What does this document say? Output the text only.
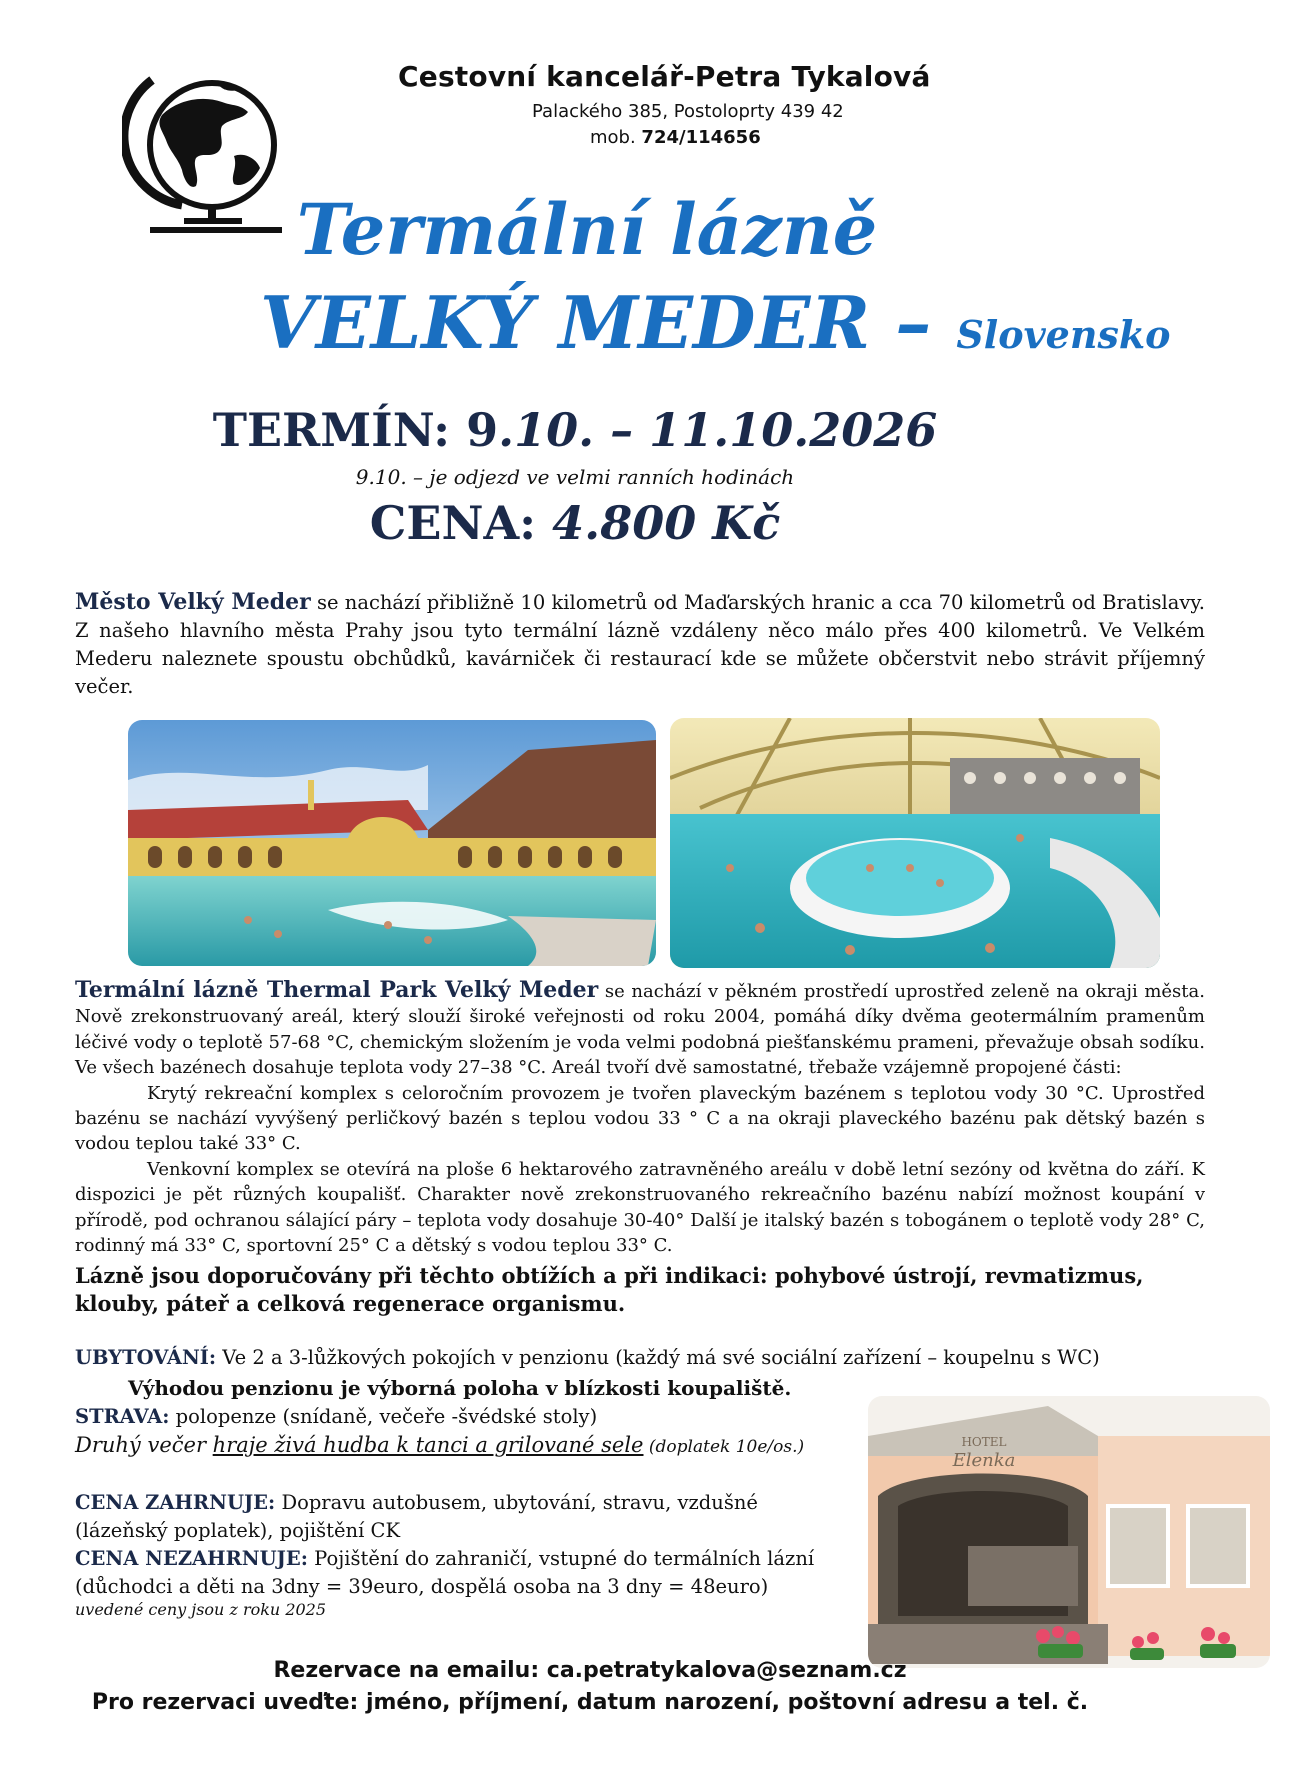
Cestovní kancelář-Petra Tykalová
Palackého 385, Postoloprty 439 42
mob. 724/114656
Termální lázně
VELKÝ MEDER – Slovensko
TERMÍN: 9.10. – 11.10.2026
9.10. – je odjezd ve velmi ranních hodinách
CENA: 4.800 Kč
Město Velký Meder se nachází přibližně 10 kilometrů od Maďarských hranic a cca 70 kilometrů od Bratislavy. Z našeho hlavního města Prahy jsou tyto termální lázně vzdáleny něco málo přes 400 kilometrů. Ve Velkém Mederu naleznete spoustu obchůdků, kavárniček či restaurací kde se můžete občerstvit nebo strávit příjemný večer.

Termální lázně Thermal Park Velký Meder se nachází v pěkném prostředí uprostřed zeleně na okraji města. Nově zrekonstruovaný areál, který slouží široké veřejnosti od roku 2004, pomáhá díky dvěma geotermálním pramenům léčivé vody o teplotě 57-68 °C, chemickým složením je voda velmi podobná piešťanskému prameni, převažuje obsah sodíku. Ve všech bazénech dosahuje teplota vody 27–38 °C. Areál tvoří dvě samostatné, třebaže vzájemně propojené části:

Krytý rekreační komplex s celoročním provozem je tvořen plaveckým bazénem s teplotou vody 30 °C. Uprostřed bazénu se nachází vyvýšený perličkový bazén s teplou vodou 33 ° C a na okraji plaveckého bazénu pak dětský bazén s vodou teplou také 33° C.

Venkovní komplex se otevírá na ploše 6 hektarového zatravněného areálu v době letní sezóny od května do září. K dispozici je pět různých koupališť. Charakter nově zrekonstruovaného rekreačního bazénu nabízí možnost koupání v přírodě, pod ochranou sálající páry – teplota vody dosahuje 30-40° Další je italský bazén s tobogánem o teplotě vody 28° C, rodinný má 33° C, sportovní 25° C a dětský s vodou teplou 33° C.

Lázně jsou doporučovány při těchto obtížích a při indikaci: pohybové ústrojí, revmatizmus, klouby, páteř a celková regenerace organismu.
UBYTOVÁNÍ: Ve 2 a 3-lůžkových pokojích v penzionu (každý má své sociální zařízení – koupelnu s WC)
Výhodou penzionu je výborná poloha v blízkosti koupaliště.
STRAVA: polopenze (snídaně, večeře -švédské stoly)
Druhý večer hraje živá hudba k tanci a grilované sele (doplatek 10e/os.)
CENA ZAHRNUJE: Dopravu autobusem, ubytování, stravu, vzdušné (lázeňský poplatek), pojištění CK
CENA NEZAHRNUJE: Pojištění do zahraničí, vstupné do termálních lázní (důchodci a děti na 3dny = 39euro, dospělá osoba na 3 dny = 48euro)
uvedené ceny jsou z roku 2025
HOTEL
Elenka
Rezervace na emailu: ca.petratykalova@seznam.cz
Pro rezervaci uveďte: jméno, příjmení, datum narození, poštovní adresu a tel. č.
